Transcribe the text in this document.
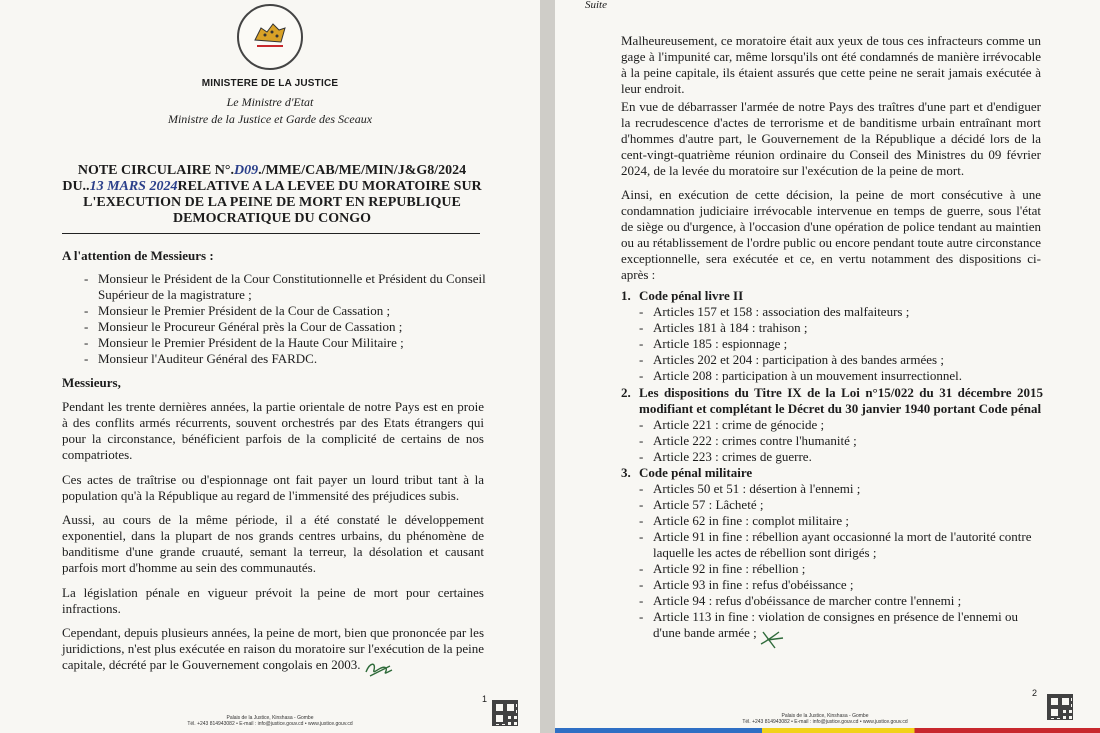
MINISTERE DE LA JUSTICE
Le Ministre d'Etat
Ministre de la Justice et Garde des Sceaux
NOTE CIRCULAIRE N°.D09./MME/CAB/ME/MIN/J&G8/2024
DU..13 MARS 2024RELATIVE A LA LEVEE DU MORATOIRE SUR
L'EXECUTION DE LA PEINE DE MORT EN REPUBLIQUE
DEMOCRATIQUE DU CONGO
A l'attention de Messieurs :
- Monsieur le Président de la Cour Constitutionnelle et Président du Conseil Supérieur de la magistrature ;
- Monsieur le Premier Président de la Cour de Cassation ;
- Monsieur le Procureur Général près la Cour de Cassation ;
- Monsieur le Premier Président de la Haute Cour Militaire ;
- Monsieur l'Auditeur Général des FARDC.
Messieurs,
Pendant les trente dernières années, la partie orientale de notre Pays est en proie à des conflits armés récurrents, souvent orchestrés par des Etats étrangers qui pour la circonstance, bénéficient parfois de la complicité de certains de nos compatriotes.
Ces actes de traîtrise ou d'espionnage ont fait payer un lourd tribut tant à la population qu'à la République au regard de l'immensité des préjudices subis.
Aussi, au cours de la même période, il a été constaté le développement exponentiel, dans la plupart de nos grands centres urbains, du phénomène de banditisme d'une grande cruauté, semant la terreur, la désolation et causant parfois mort d'homme au sein des communautés.
La législation pénale en vigueur prévoit la peine de mort pour certaines infractions.
Cependant, depuis plusieurs années, la peine de mort, bien que prononcée par les juridictions, n'est plus exécutée en raison du moratoire sur l'exécution de la peine capitale, décrété par le Gouvernement congolais en 2003.
1
Palais de la Justice, Kinshasa - Gombe
Tél. +243 814943082 • E-mail : info@justice.gouv.cd • www.justice.gouv.cd
Suite
Malheureusement, ce moratoire était aux yeux de tous ces infracteurs comme un gage à l'impunité car, même lorsqu'ils ont été condamnés de manière irrévocable à la peine capitale, ils étaient assurés que cette peine ne serait jamais exécutée à leur endroit.
En vue de débarrasser l'armée de notre Pays des traîtres d'une part et d'endiguer la recrudescence d'actes de terrorisme et de banditisme urbain entraînant mort d'hommes d'autre part, le Gouvernement de la République a décidé lors de la cent-vingt-quatrième réunion ordinaire du Conseil des Ministres du 09 février 2024, de la levée du moratoire sur l'exécution de la peine de mort.
Ainsi, en exécution de cette décision, la peine de mort consécutive à une condamnation judiciaire irrévocable intervenue en temps de guerre, sous l'état de siège ou d'urgence, à l'occasion d'une opération de police tendant au maintien ou au rétablissement de l'ordre public ou encore pendant toute autre circonstance exceptionnelle, sera exécutée et ce, en vertu notamment des dispositions ci-après :
1. Code pénal livre II
- Articles 157 et 158 : association des malfaiteurs ;
- Articles 181 à 184 : trahison ;
- Article 185 : espionnage ;
- Articles 202 et 204 : participation à des bandes armées ;
- Article 208 : participation à un mouvement insurrectionnel.
2. Les dispositions du Titre IX de la Loi n°15/022 du 31 décembre 2015 modifiant et complétant le Décret du 30 janvier 1940 portant Code pénal
- Article 221 : crime de génocide ;
- Article 222 : crimes contre l'humanité ;
- Article 223 : crimes de guerre.
3. Code pénal militaire
- Articles 50 et 51 : désertion à l'ennemi ;
- Article 57 : Lâcheté ;
- Article 62 in fine : complot militaire ;
- Article 91 in fine : rébellion ayant occasionné la mort de l'autorité contre laquelle les actes de rébellion sont dirigés ;
- Article 92 in fine : rébellion ;
- Article 93 in fine : refus d'obéissance ;
- Article 94 : refus d'obéissance de marcher contre l'ennemi ;
- Article 113 in fine : violation de consignes en présence de l'ennemi ou d'une bande armée ;
2
Palais de la Justice, Kinshasa - Gombe
Tél. +243 814943082 • E-mail : info@justice.gouv.cd • www.justice.gouv.cd
